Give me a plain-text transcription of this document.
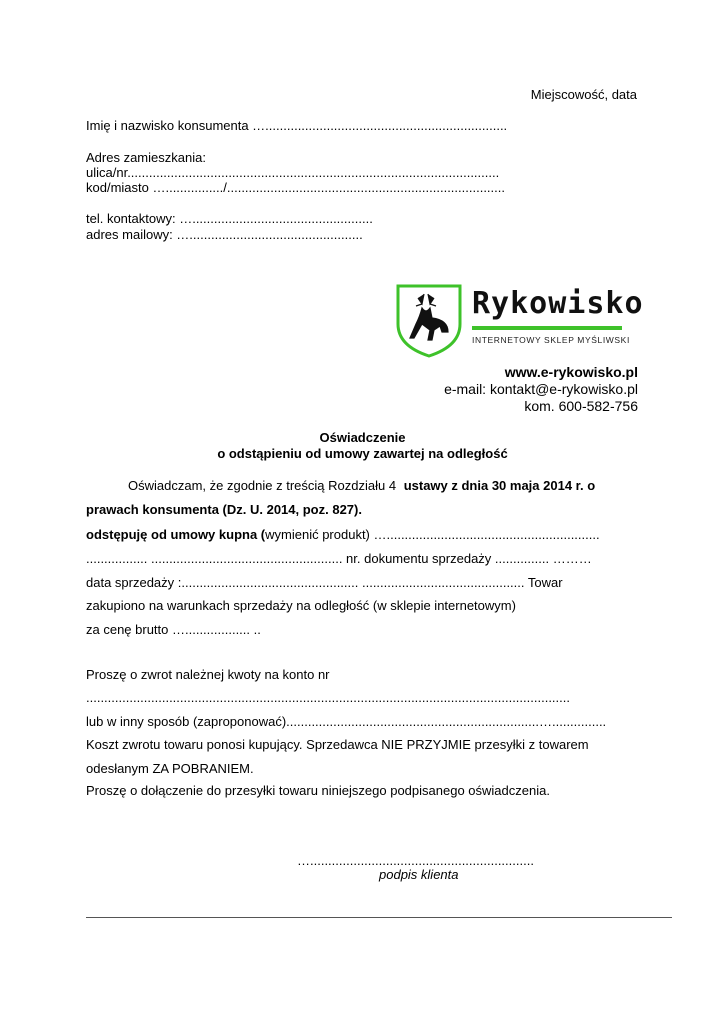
Miejscowość, data
Imię i nazwisko konsumenta …...................................................................
Adres zamieszkania:
ulica/nr.......................................................................................................
kod/miasto …................/.............................................................................
tel. kontaktowy: …..................................................
adres mailowy: …................................................
Rykowisko
INTERNETOWY SKLEP MYŚLIWSKI
www.e-rykowisko.pl
e-mail: kontakt@e-rykowisko.pl
kom. 600-582-756
Oświadczenie
o odstąpieniu od umowy zawartej na odległość
Oświadczam, że zgodnie z treścią Rozdziału 4 ustawy z dnia 30 maja 2014 r. o
prawach konsumenta (Dz. U. 2014, poz. 827).
odstępuję od umowy kupna (wymienić produkt) …...........................................................
................. ..................................................... nr. dokumentu sprzedaży ............... ………
data sprzedaży :................................................. ............................................. Towar
zakupiono na warunkach sprzedaży na odległość (w sklepie internetowym)
za cenę brutto ….................. ..
Proszę o zwrot należnej kwoty na konto nr
......................................................................................................................................
lub w inny sposób (zaproponować)......................................................................…...............
Koszt zwrotu towaru ponosi kupujący. Sprzedawca NIE PRZYJMIE przesyłki z towarem
odesłanym ZA POBRANIEM.
Proszę o dołączenie do przesyłki towaru niniejszego podpisanego oświadczenia.
…..............................................................
podpis klienta
